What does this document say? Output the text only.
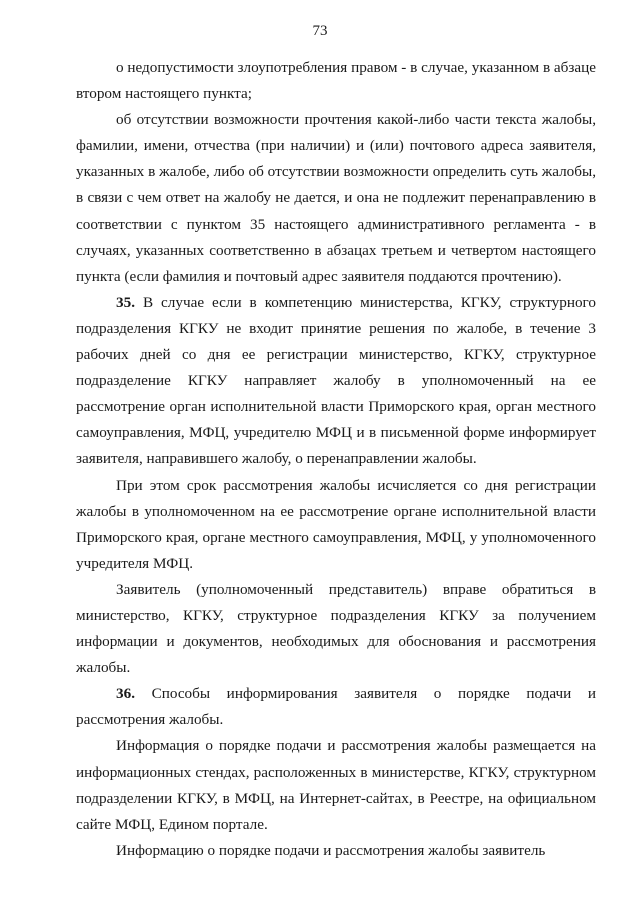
73

о недопустимости злоупотребления правом - в случае, указанном в абзаце втором настоящего пункта;

об отсутствии возможности прочтения какой-либо части текста жалобы, фамилии, имени, отчества (при наличии) и (или) почтового адреса заявителя, указанных в жалобе, либо об отсутствии возможности определить суть жалобы, в связи с чем ответ на жалобу не дается, и она не подлежит перенаправлению в соответствии с пунктом 35 настоящего административного регламента - в случаях, указанных соответственно в абзацах третьем и четвертом настоящего пункта (если фамилия и почтовый адрес заявителя поддаются прочтению).

35. В случае если в компетенцию министерства, КГКУ, структурного подразделения КГКУ не входит принятие решения по жалобе, в течение 3 рабочих дней со дня ее регистрации министерство, КГКУ, структурное подразделение КГКУ направляет жалобу в уполномоченный на ее рассмотрение орган исполнительной власти Приморского края, орган местного самоуправления, МФЦ, учредителю МФЦ и в письменной форме информирует заявителя, направившего жалобу, о перенаправлении жалобы.

При этом срок рассмотрения жалобы исчисляется со дня регистрации жалобы в уполномоченном на ее рассмотрение органе исполнительной власти Приморского края, органе местного самоуправления, МФЦ, у уполномоченного учредителя МФЦ.

Заявитель (уполномоченный представитель) вправе обратиться в министерство, КГКУ, структурное подразделения КГКУ за получением информации и документов, необходимых для обоснования и рассмотрения жалобы.

36. Способы информирования заявителя о порядке подачи и рассмотрения жалобы.

Информация о порядке подачи и рассмотрения жалобы размещается на информационных стендах, расположенных в министерстве, КГКУ, структурном подразделении КГКУ, в МФЦ, на Интернет-сайтах, в Реестре, на официальном сайте МФЦ, Едином портале.

Информацию о порядке подачи и рассмотрения жалобы заявитель
